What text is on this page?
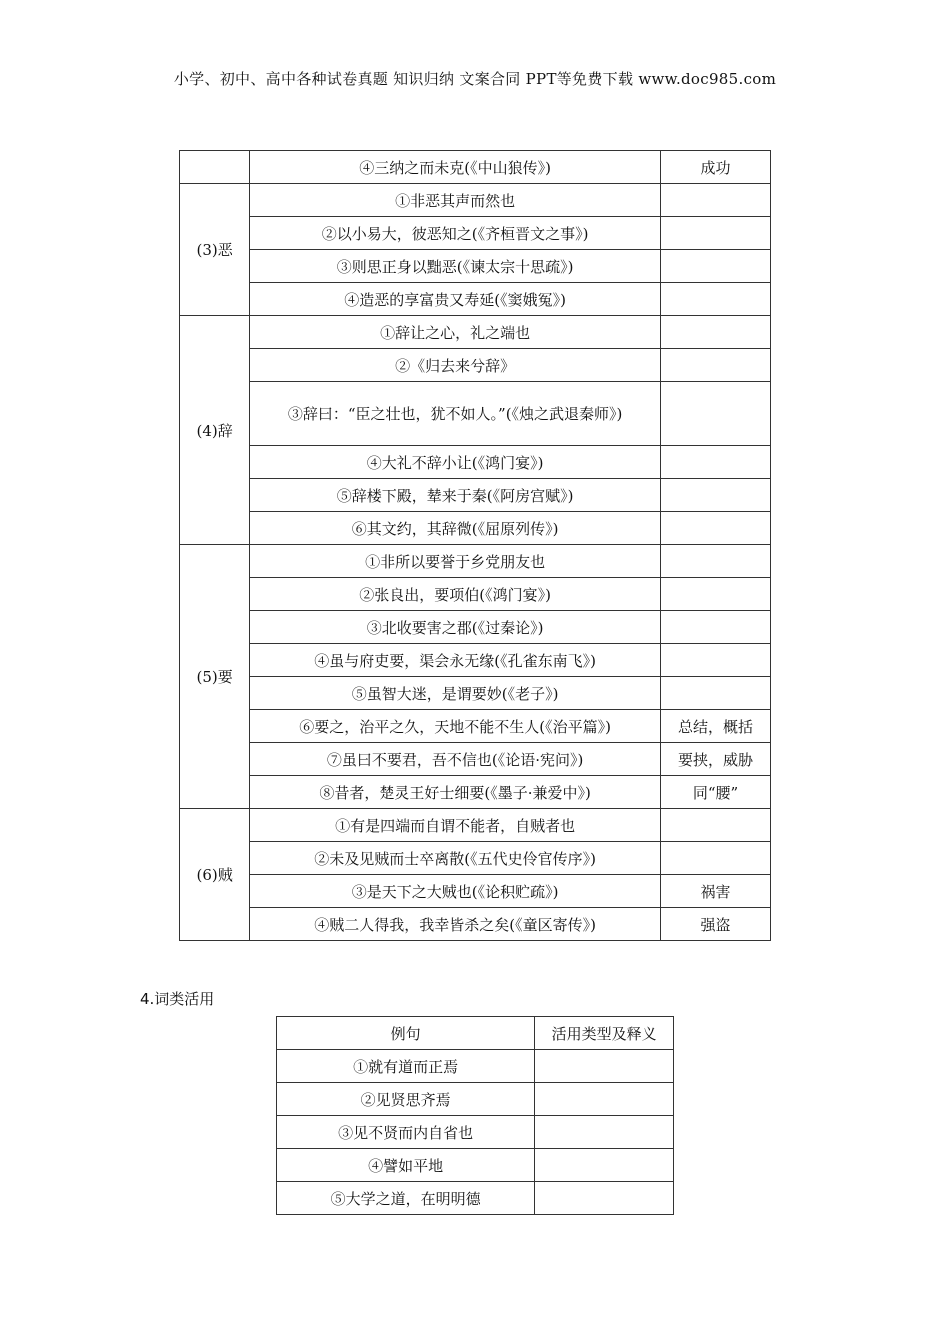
小学、初中、高中各种试卷真题 知识归纳 文案合同 PPT等免费下载 www.doc985.com
	④三纳之而未克(《中山狼传》)	成功
(3)恶	①非恶其声而然也	
	②以小易大，彼恶知之(《齐桓晋文之事》)	
	③则思正身以黜恶(《谏太宗十思疏》)	
	④造恶的享富贵又寿延(《窦娥冤》)	
(4)辞	①辞让之心，礼之端也	
	②《归去来兮辞》	
	③辞曰：“臣之壮也，犹不如人。”(《烛之武退秦师》)	
	④大礼不辞小让(《鸿门宴》)	
	⑤辞楼下殿，辇来于秦(《阿房宫赋》)	
	⑥其文约，其辞微(《屈原列传》)	
(5)要	①非所以要誉于乡党朋友也	
	②张良出，要项伯(《鸿门宴》)	
	③北收要害之郡(《过秦论》)	
	④虽与府吏要，渠会永无缘(《孔雀东南飞》)	
	⑤虽智大迷，是谓要妙(《老子》)	
	⑥要之，治平之久，天地不能不生人(《治平篇》)	总结，概括
	⑦虽曰不要君，吾不信也(《论语·宪问》)	要挟，威胁
	⑧昔者，楚灵王好士细要(《墨子·兼爱中》)	同“腰”
(6)贼	①有是四端而自谓不能者，自贼者也	
	②未及见贼而士卒离散(《五代史伶官传序》)	
	③是天下之大贼也(《论积贮疏》)	祸害
	④贼二人得我，我幸皆杀之矣(《童区寄传》)	强盗
4.词类活用
例句	活用类型及释义
①就有道而正焉	
②见贤思齐焉	
③见不贤而内自省也	
④譬如平地	
⑤大学之道，在明明德	
